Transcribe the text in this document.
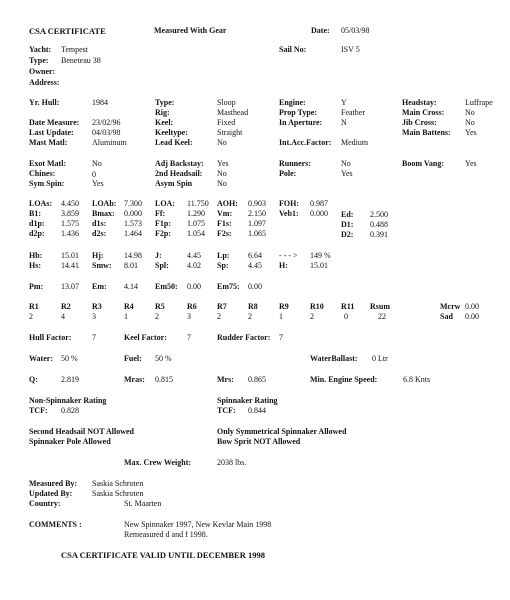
CSA CERTIFICATE	Measured With Gear	Date: 05/03/98
Yacht: Tempest
Type: Beneteau 38
Owner:
Address:
Sail No:	ISV 5
Yr. Hull:	1984
Date Measure: 23/02/96
Last Update: 04/03/98
Mast Matl:	Aluminum
Type:	Sloop
Rig:	Masthead
Keel:	Fixed
Keeltype:	Straight
Lead Keel:	No
Engine:	Y
Prop Type:	Feather
In Aperture: N
Int.Acc.Factor: Medium
Headstay:	Luffrape
Main Cross:	No
Jib Cross:	No
Main Battens: Yes
Exot Matl:	No
Chines:	0
Sym Spin:	Yes
Adj Backstay: Yes
2nd Headsail: No
Asym Spin	No
Runners:	No
Pole:	Yes
Boom Vang:	Yes
LOAs: 4.450
B1:	3.859
d1p: 1.575
d2p: 1.436
LOAb: 7.300
Bmax: 0.000
d1s: 1.573
d2s: 1.464
LOA: 11.750
Ff:	1.290
F1p: 1.075
F2p: 1.054
AOH: 0.903
Vm: 2.150
F1s: 1.097
F2s: 1.065
FOH: 0.987
Veb1: 0.000 Ed: 2.500
D1: 0.488
D2: 0.391
Hb: 15.01
Hs:	14.41
Hj:	14.98
Smw: 8.01
J:	4.45
Spl: 4.02
Lp: 6.64
Sp: 4.45
- - - > 149 %
H:	15.01
Pm: 13.07 Em: 4.14 Em50: 0.00 Em75: 0.00
R1	R2	R3	R4	R5	R6	R7	R8	R9	R10 R11 Rsum
2	4	3	1	2	3	2	2	1	2	0	22
Mcrw 0.00
Sad 0.00
Hull Factor:	7	Keel Factor:	7	Rudder Factor: 7
Water: 50 %	Fuel: 50 %	WaterBallast: 0 Ltr
Q:	2.819	Mras: 0.815	Mrs: 0.865	Min. Engine Speed:	6.8 Knts
Non-Spinnaker Rating
TCF: 0.828
Spinnaker Rating
TCF: 0.844
Second Headsail NOT Allowed
Spinnaker Pole Allowed
Only Symmetrical Spinnaker Allowed
Bow Sprit NOT Allowed
Max. Crew Weight:	2038 lbs.
Measured By: Saskia Schroten
Updated By: Saskia Schroten
Country:	St. Maarten
COMMENTS :	New Spinnaker 1997, New Kevlar Main 1998
Remeasured d and f 1998.
CSA CERTIFICATE VALID UNTIL DECEMBER 1998
